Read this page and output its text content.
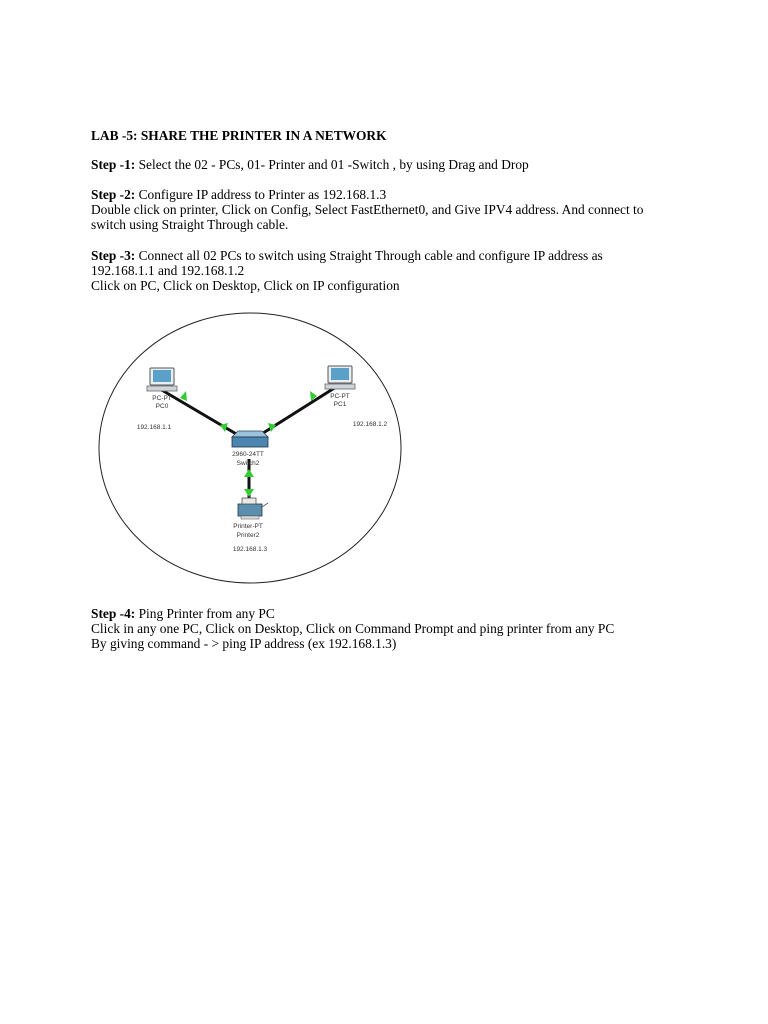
LAB -5: SHARE THE PRINTER IN A NETWORK
Step -1: Select the 02 - PCs, 01- Printer and 01 -Switch , by using Drag and Drop
Step -2: Configure IP address to Printer as 192.168.1.3
Double click on printer, Click on Config, Select FastEthernet0, and Give IPV4 address. And connect to
switch using Straight Through cable.
Step -3: Connect all 02 PCs to switch using Straight Through cable and configure IP address as
192.168.1.1 and 192.168.1.2
Click on PC, Click on Desktop, Click on IP configuration
Step -4: Ping Printer from any PC
Click in any one PC, Click on Desktop, Click on Command Prompt and ping printer from any PC
By giving command - > ping IP address (ex 192.168.1.3)
PC-PT
PC0
192.168.1.1
PC-PT
PC1
192.168.1.2
2960-24TT
Switch2
Printer-PT
Printer2
192.168.1.3
